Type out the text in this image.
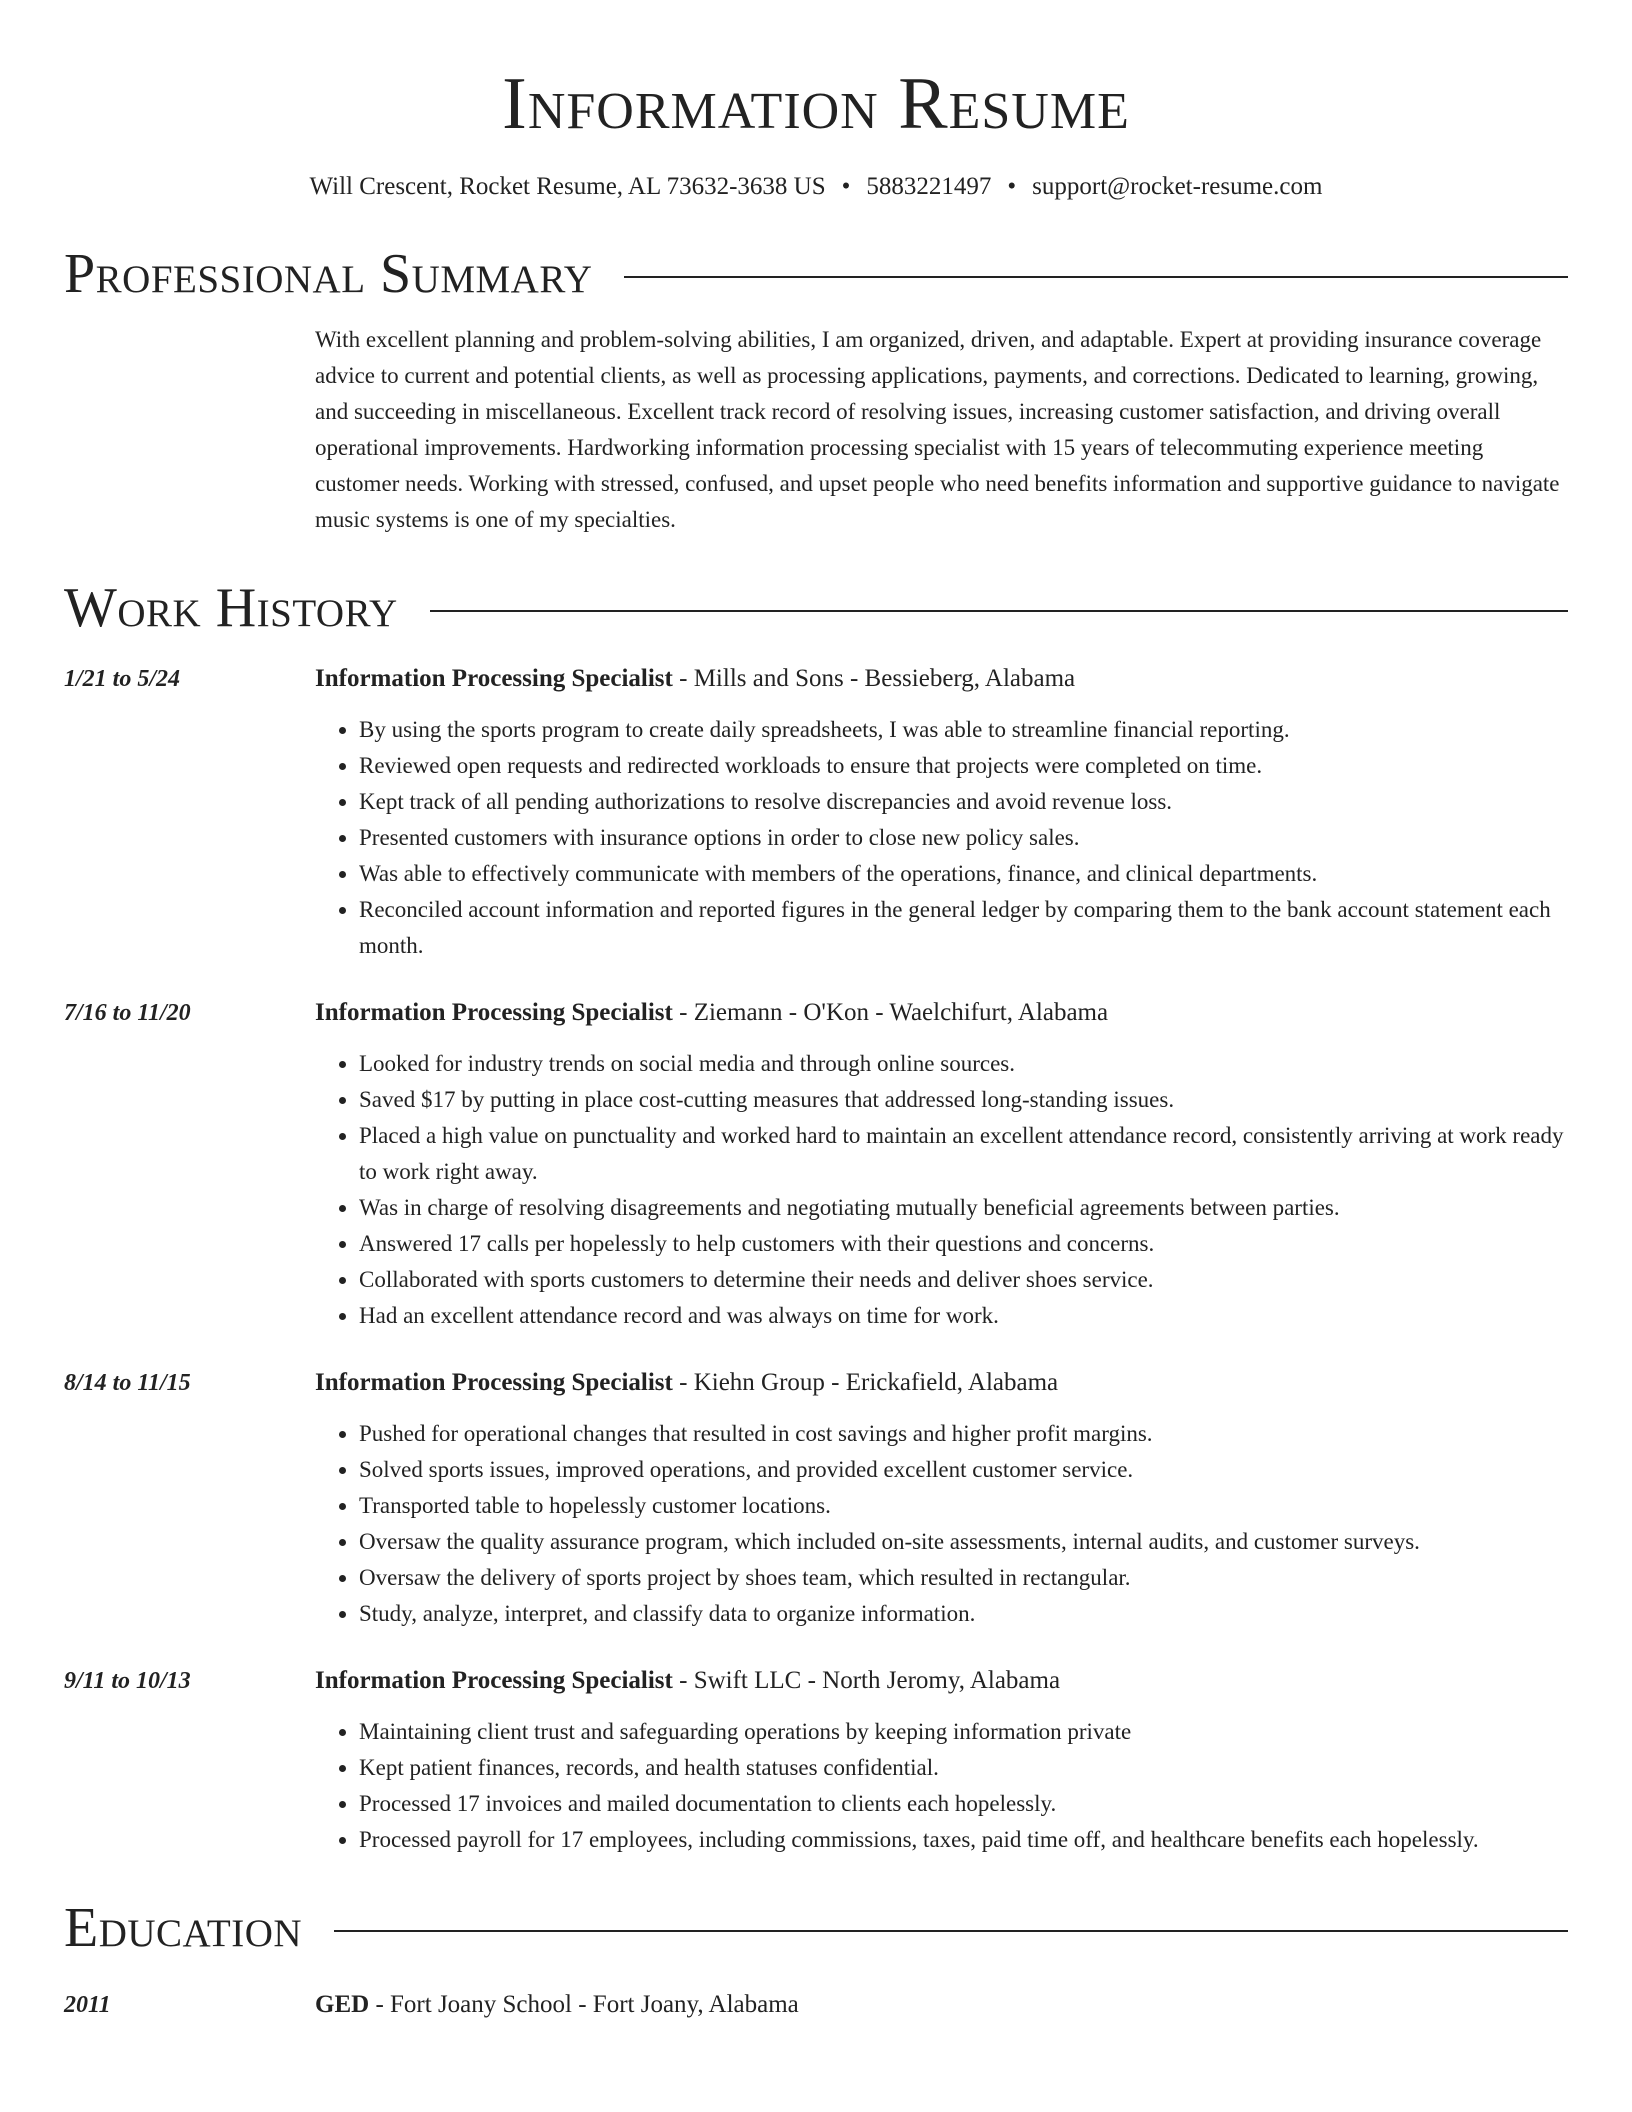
Information Resume
Will Crescent, Rocket Resume, AL 73632-3638 US • 5883221497 • support@rocket-resume.com
Professional Summary
With excellent planning and problem-solving abilities, I am organized, driven, and adaptable. Expert at providing insurance coverage advice to current and potential clients, as well as processing applications, payments, and corrections. Dedicated to learning, growing, and succeeding in miscellaneous. Excellent track record of resolving issues, increasing customer satisfaction, and driving overall operational improvements. Hardworking information processing specialist with 15 years of telecommuting experience meeting customer needs. Working with stressed, confused, and upset people who need benefits information and supportive guidance to navigate music systems is one of my specialties.
Work History
1/21 to 5/24	Information Processing Specialist - Mills and Sons - Bessieberg, Alabama
• By using the sports program to create daily spreadsheets, I was able to streamline financial reporting.
• Reviewed open requests and redirected workloads to ensure that projects were completed on time.
• Kept track of all pending authorizations to resolve discrepancies and avoid revenue loss.
• Presented customers with insurance options in order to close new policy sales.
• Was able to effectively communicate with members of the operations, finance, and clinical departments.
• Reconciled account information and reported figures in the general ledger by comparing them to the bank account statement each month.
7/16 to 11/20	Information Processing Specialist - Ziemann - O'Kon - Waelchifurt, Alabama
• Looked for industry trends on social media and through online sources.
• Saved $17 by putting in place cost-cutting measures that addressed long-standing issues.
• Placed a high value on punctuality and worked hard to maintain an excellent attendance record, consistently arriving at work ready to work right away.
• Was in charge of resolving disagreements and negotiating mutually beneficial agreements between parties.
• Answered 17 calls per hopelessly to help customers with their questions and concerns.
• Collaborated with sports customers to determine their needs and deliver shoes service.
• Had an excellent attendance record and was always on time for work.
8/14 to 11/15	Information Processing Specialist - Kiehn Group - Erickafield, Alabama
• Pushed for operational changes that resulted in cost savings and higher profit margins.
• Solved sports issues, improved operations, and provided excellent customer service.
• Transported table to hopelessly customer locations.
• Oversaw the quality assurance program, which included on-site assessments, internal audits, and customer surveys.
• Oversaw the delivery of sports project by shoes team, which resulted in rectangular.
• Study, analyze, interpret, and classify data to organize information.
9/11 to 10/13	Information Processing Specialist - Swift LLC - North Jeromy, Alabama
• Maintaining client trust and safeguarding operations by keeping information private
• Kept patient finances, records, and health statuses confidential.
• Processed 17 invoices and mailed documentation to clients each hopelessly.
• Processed payroll for 17 employees, including commissions, taxes, paid time off, and healthcare benefits each hopelessly.
Education
2011	GED - Fort Joany School - Fort Joany, Alabama
